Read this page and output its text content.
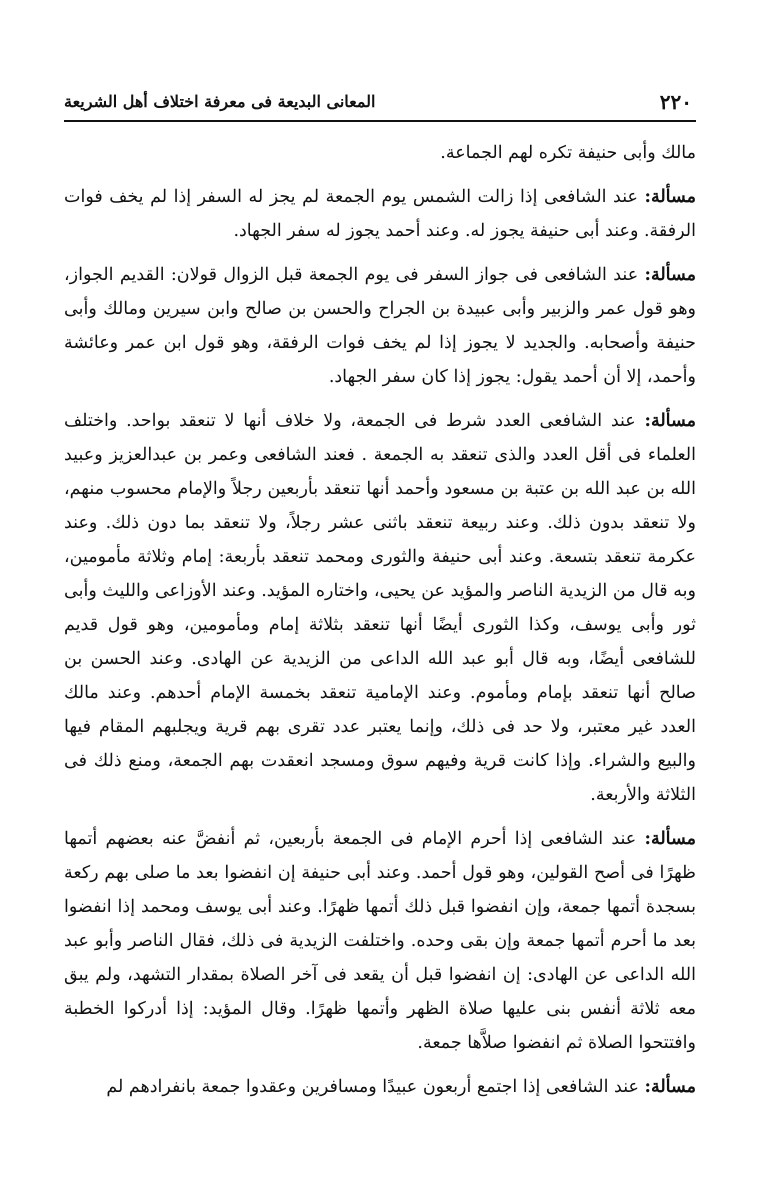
٢٢٠
المعانى البديعة فى معرفة اختلاف أهل الشريعة

مالك وأبى حنيفة تكره لهم الجماعة.

مسألة: عند الشافعى إذا زالت الشمس يوم الجمعة لم يجز له السفر إذا لم يخف فوات الرفقة. وعند أبى حنيفة يجوز له. وعند أحمد يجوز له سفر الجهاد.

مسألة: عند الشافعى فى جواز السفر فى يوم الجمعة قبل الزوال قولان: القديم الجواز، وهو قول عمر والزبير وأبى عبيدة بن الجراح والحسن بن صالح وابن سيرين ومالك وأبى حنيفة وأصحابه. والجديد لا يجوز إذا لم يخف فوات الرفقة، وهو قول ابن عمر وعائشة وأحمد، إلا أن أحمد يقول: يجوز إذا كان سفر الجهاد.

مسألة: عند الشافعى العدد شرط فى الجمعة، ولا خلاف أنها لا تنعقد بواحد. واختلف العلماء فى أقل العدد والذى تنعقد به الجمعة . فعند الشافعى وعمر بن عبدالعزيز وعبيد الله بن عبد الله بن عتبة بن مسعود وأحمد أنها تنعقد بأربعين رجلاً والإمام محسوب منهم، ولا تنعقد بدون ذلك. وعند ربيعة تنعقد باثنى عشر رجلاً، ولا تنعقد بما دون ذلك. وعند عكرمة تنعقد بتسعة. وعند أبى حنيفة والثورى ومحمد تنعقد بأربعة: إمام وثلاثة مأمومين، وبه قال من الزيدية الناصر والمؤيد عن يحيى، واختاره المؤيد. وعند الأوزاعى والليث وأبى ثور وأبى يوسف، وكذا الثورى أيضًا أنها تنعقد بثلاثة إمام ومأمومين، وهو قول قديم للشافعى أيضًا، وبه قال أبو عبد الله الداعى من الزيدية عن الهادى. وعند الحسن بن صالح أنها تنعقد بإمام ومأموم. وعند الإمامية تنعقد بخمسة الإمام أحدهم. وعند مالك العدد غير معتبر، ولا حد فى ذلك، وإنما يعتبر عدد تقرى بهم قرية ويجلبهم المقام فيها والبيع والشراء. وإذا كانت قرية وفيهم سوق ومسجد انعقدت بهم الجمعة، ومنع ذلك فى الثلاثة والأربعة.

مسألة: عند الشافعى إذا أحرم الإمام فى الجمعة بأربعين، ثم أنفضَّ عنه بعضهم أتمها ظهرًا فى أصح القولين، وهو قول أحمد. وعند أبى حنيفة إن انفضوا بعد ما صلى بهم ركعة بسجدة أتمها جمعة، وإن انفضوا قبل ذلك أتمها ظهرًا. وعند أبى يوسف ومحمد إذا انفضوا بعد ما أحرم أتمها جمعة وإن بقى وحده. واختلفت الزيدية فى ذلك، فقال الناصر وأبو عبد الله الداعى عن الهادى: إن انفضوا قبل أن يقعد فى آخر الصلاة بمقدار التشهد، ولم يبق معه ثلاثة أنفس بنى عليها صلاة الظهر وأتمها ظهرًا. وقال المؤيد: إذا أدركوا الخطبة وافتتحوا الصلاة ثم انفضوا صلاَّها جمعة.

مسألة: عند الشافعى إذا اجتمع أربعون عبيدًا ومسافرين وعقدوا جمعة بانفرادهم لم
